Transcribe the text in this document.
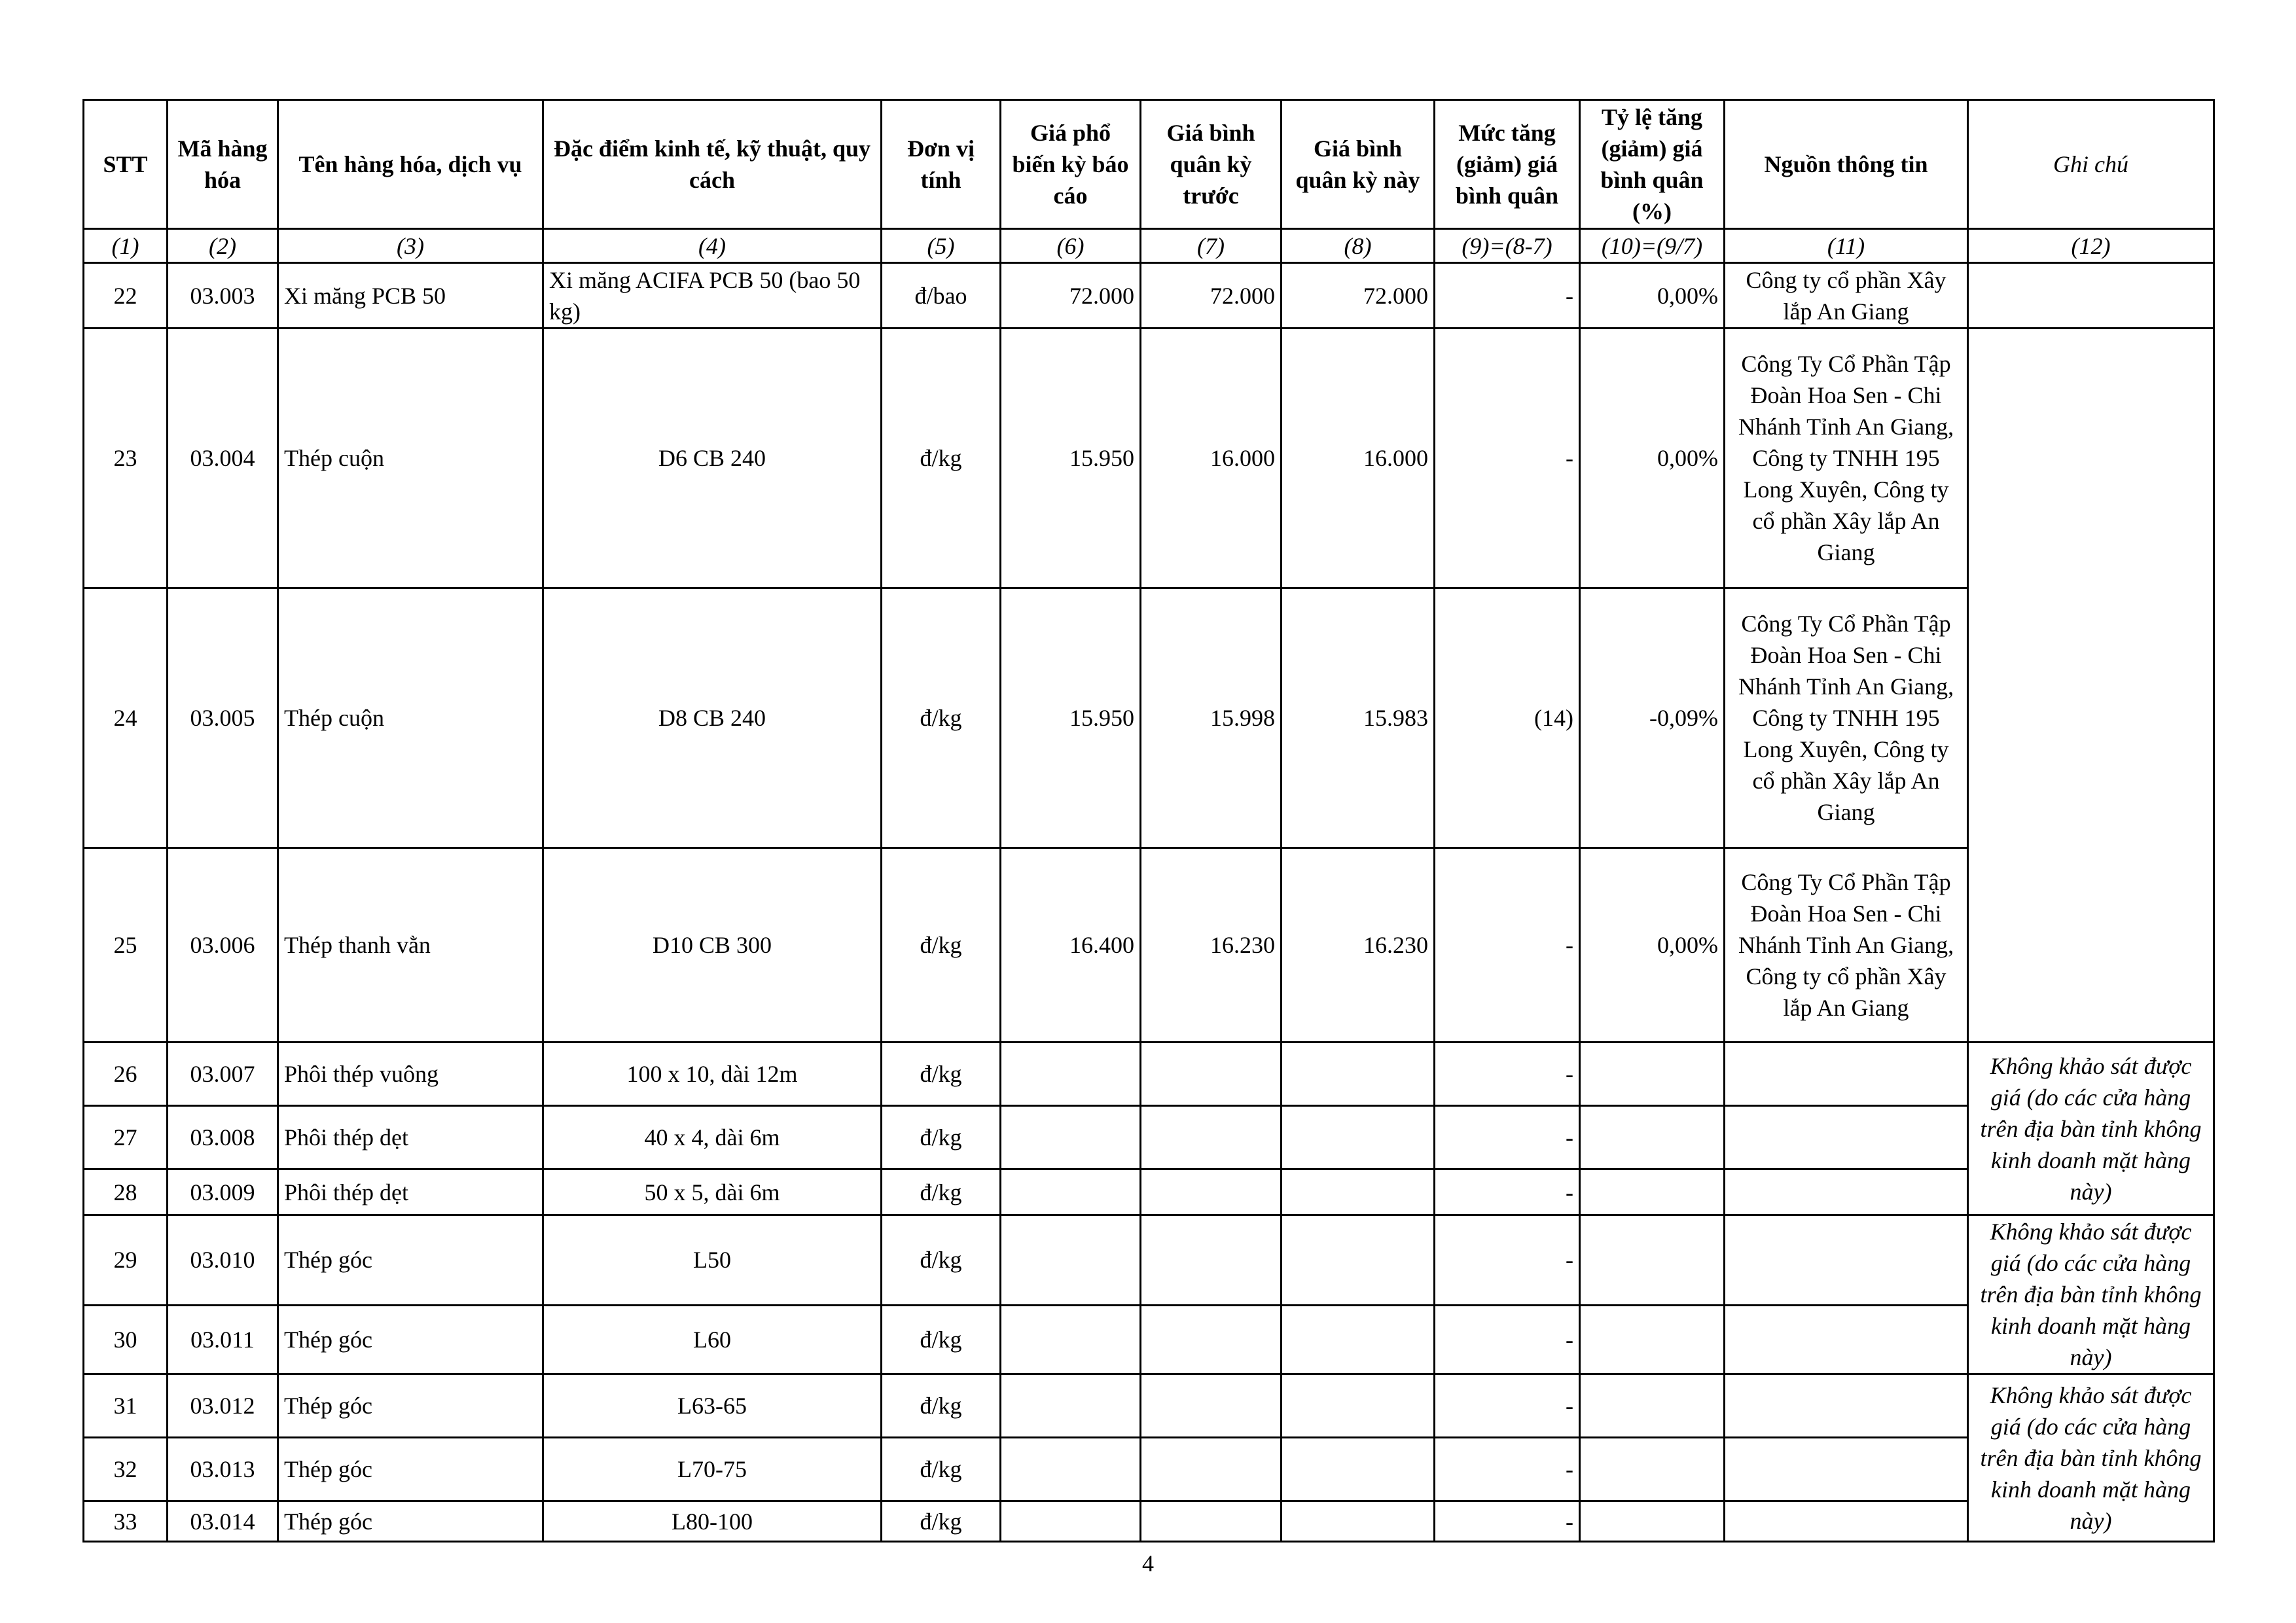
STT	Mã hàng hóa	Tên hàng hóa, dịch vụ	Đặc điểm kinh tế, kỹ thuật, quy cách	Đơn vị tính	Giá phổ biến kỳ báo cáo	Giá bình quân kỳ trước	Giá bình quân kỳ này	Mức tăng (giảm) giá bình quân	Tỷ lệ tăng (giảm) giá bình quân (%)	Nguồn thông tin	Ghi chú
(1)	(2)	(3)	(4)	(5)	(6)	(7)	(8)	(9)=(8-7)	(10)=(9/7)	(11)	(12)
22	03.003	Xi măng PCB 50	Xi măng ACIFA PCB 50 (bao 50 kg)	đ/bao	72.000	72.000	72.000	-	0,00%	Công ty cổ phần Xây lắp An Giang	
23	03.004	Thép cuộn	D6 CB 240	đ/kg	15.950	16.000	16.000	-	0,00%	Công Ty Cổ Phần Tập Đoàn Hoa Sen - Chi Nhánh Tỉnh An Giang, Công ty TNHH 195 Long Xuyên, Công ty cổ phần Xây lắp An Giang	
24	03.005	Thép cuộn	D8 CB 240	đ/kg	15.950	15.998	15.983	(14)	-0,09%	Công Ty Cổ Phần Tập Đoàn Hoa Sen - Chi Nhánh Tỉnh An Giang, Công ty TNHH 195 Long Xuyên, Công ty cổ phần Xây lắp An Giang	
25	03.006	Thép thanh vằn	D10 CB 300	đ/kg	16.400	16.230	16.230	-	0,00%	Công Ty Cổ Phần Tập Đoàn Hoa Sen - Chi Nhánh Tỉnh An Giang, Công ty cổ phần Xây lắp An Giang	
26	03.007	Phôi thép vuông	100 x 10, dài 12m	đ/kg				-			Không khảo sát được giá (do các cửa hàng trên địa bàn tỉnh không kinh doanh mặt hàng này)
27	03.008	Phôi thép dẹt	40 x 4, dài 6m	đ/kg				-			
28	03.009	Phôi thép dẹt	50 x 5, dài 6m	đ/kg				-			
29	03.010	Thép góc	L50	đ/kg				-			Không khảo sát được giá (do các cửa hàng trên địa bàn tỉnh không kinh doanh mặt hàng này)
30	03.011	Thép góc	L60	đ/kg				-			
31	03.012	Thép góc	L63-65	đ/kg				-			Không khảo sát được giá (do các cửa hàng trên địa bàn tỉnh không kinh doanh mặt hàng này)
32	03.013	Thép góc	L70-75	đ/kg				-			
33	03.014	Thép góc	L80-100	đ/kg				-			
4
